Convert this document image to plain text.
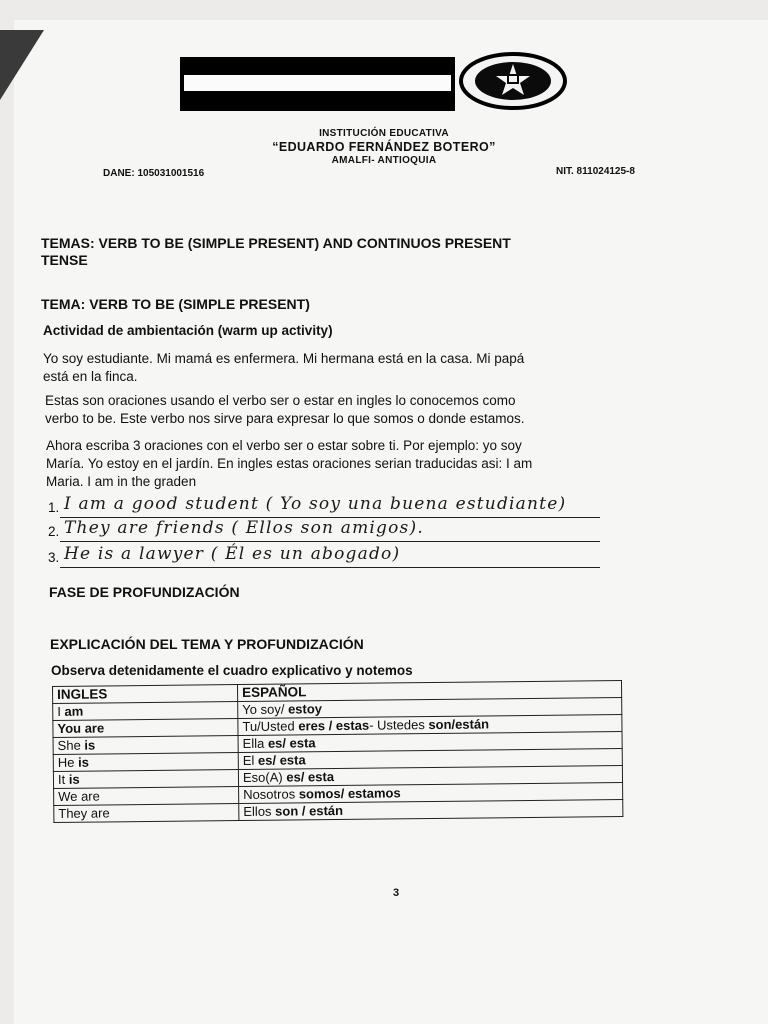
INSTITUCIÓN EDUCATIVA
“EDUARDO FERNÁNDEZ BOTERO”
AMALFI- ANTIOQUIA
DANE: 105031001516	NIT. 811024125-8
TEMAS: VERB TO BE (SIMPLE PRESENT) AND CONTINUOS PRESENT
TENSE
TEMA: VERB TO BE (SIMPLE PRESENT)
Actividad de ambientación (warm up activity)
Yo soy estudiante. Mi mamá es enfermera. Mi hermana está en la casa. Mi papá
está en la finca.
Estas son oraciones usando el verbo ser o estar en ingles lo conocemos como
verbo to be. Este verbo nos sirve para expresar lo que somos o donde estamos.
Ahora escriba 3 oraciones con el verbo ser o estar sobre ti. Por ejemplo: yo soy
María. Yo estoy en el jardín. En ingles estas oraciones serian traducidas asi: I am
Maria. I am in the graden
1. I am a good student ( Yo soy una buena estudiante)
2. They are friends ( Ellos son amigos).
3. He is a lawyer ( Él es un abogado)
FASE DE PROFUNDIZACIÓN
EXPLICACIÓN DEL TEMA Y PROFUNDIZACIÓN
Observa detenidamente el cuadro explicativo y notemos
INGLES	ESPAÑOL
I am	Yo soy/ estoy
You are	Tu/Usted eres / estas- Ustedes son/están
She is	Ella es/ esta
He is	El es/ esta
It is	Eso(A) es/ esta
We are	Nosotros somos/ estamos
They are	Ellos son / están
3
